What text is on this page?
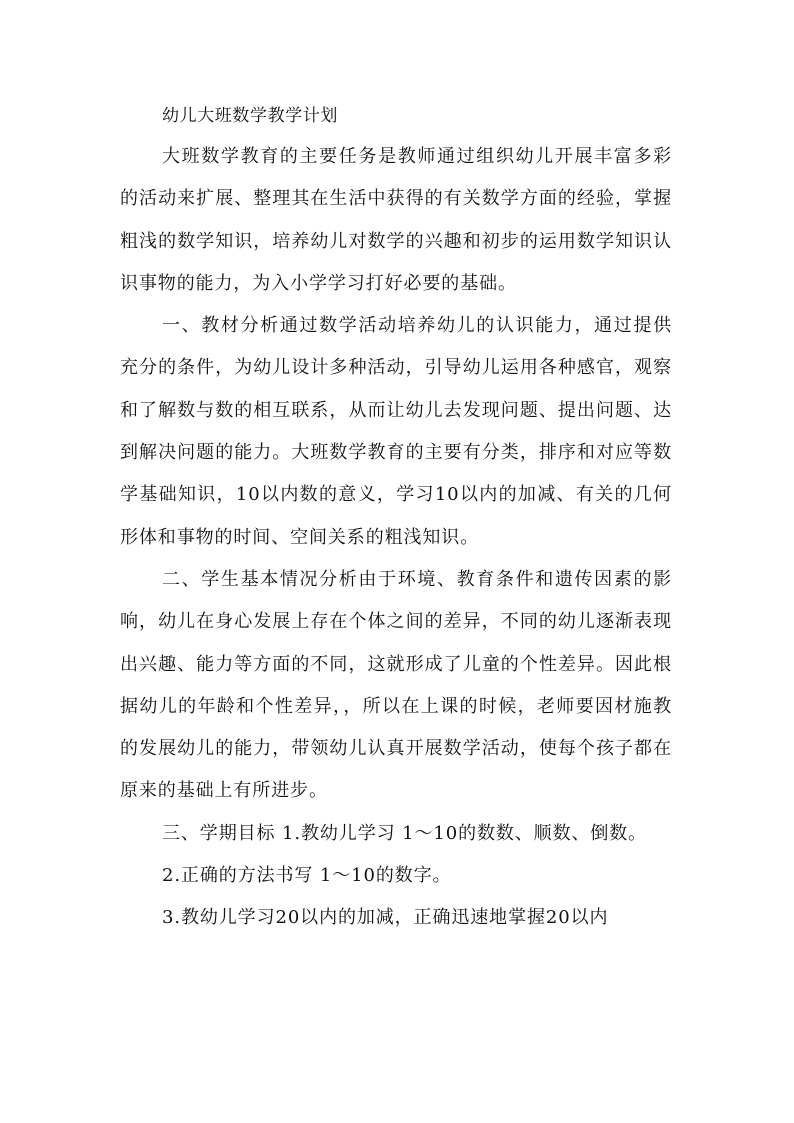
幼儿大班数学教学计划

大班数学教育的主要任务是教师通过组织幼儿开展丰富多彩的活动来扩展、整理其在生活中获得的有关数学方面的经验，掌握粗浅的数学知识，培养幼儿对数学的兴趣和初步的运用数学知识认识事物的能力，为入小学学习打好必要的基础。

一、教材分析通过数学活动培养幼儿的认识能力，通过提供充分的条件，为幼儿设计多种活动，引导幼儿运用各种感官，观察和了解数与数的相互联系，从而让幼儿去发现问题、提出问题、达到解决问题的能力。大班数学教育的主要有分类，排序和对应等数学基础知识，10以内数的意义，学习10以内的加减、有关的几何形体和事物的时间、空间关系的粗浅知识。

二、学生基本情况分析由于环境、教育条件和遗传因素的影响，幼儿在身心发展上存在个体之间的差异，不同的幼儿逐渐表现出兴趣、能力等方面的不同，这就形成了儿童的个性差异。因此根据幼儿的年龄和个性差异，，所以在上课的时候，老师要因材施教的发展幼儿的能力，带领幼儿认真开展数学活动，使每个孩子都在原来的基础上有所进步。

三、学期目标 1.教幼儿学习 1～10的数数、顺数、倒数。

2.正确的方法书写 1～10的数字。

3.教幼儿学习20以内的加减，正确迅速地掌握20以内
